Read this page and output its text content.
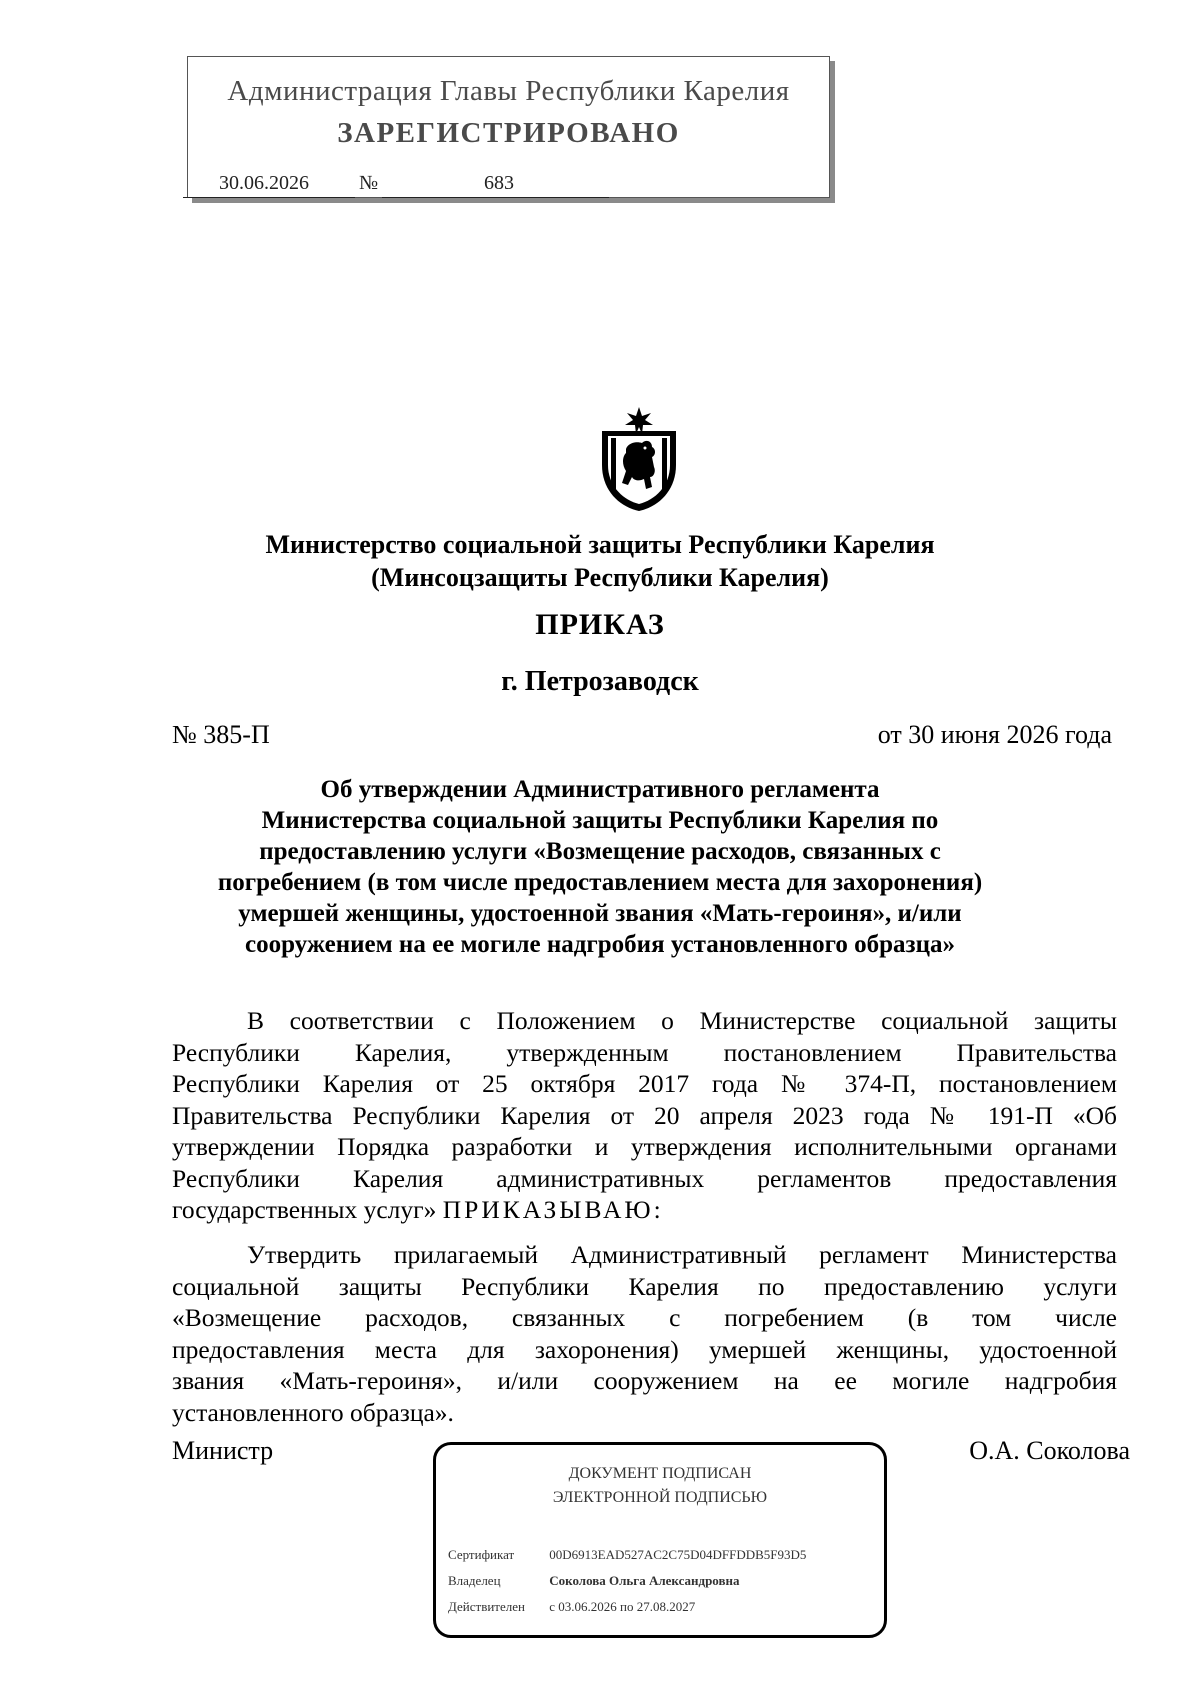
Администрация Главы Республики Карелия
ЗАРЕГИСТРИРОВАНО
30.06.2026	№	683
Министерство социальной защиты Республики Карелия
(Минсоцзащиты Республики Карелия)
ПРИКАЗ
г. Петрозаводск
№ 385-П	от 30 июня 2026 года
Об утверждении Административного регламента
Министерства социальной защиты Республики Карелия по
предоставлению услуги «Возмещение расходов, связанных с
погребением (в том числе предоставлением места для захоронения)
умершей женщины, удостоенной звания «Мать-героиня», и/или
сооружением на ее могиле надгробия установленного образца»
В соответствии с Положением о Министерстве социальной защиты
Республики Карелия, утвержденным постановлением Правительства
Республики Карелия от 25 октября 2017 года № 374-П, постановлением
Правительства Республики Карелия от 20 апреля 2023 года № 191-П «Об
утверждении Порядка разработки и утверждения исполнительными органами
Республики Карелия административных регламентов предоставления
государственных услуг» ПРИКАЗЫВАЮ:
Утвердить прилагаемый Административный регламент Министерства
социальной защиты Республики Карелия по предоставлению услуги
«Возмещение расходов, связанных с погребением (в том числе
предоставления места для захоронения) умершей женщины, удостоенной
звания «Мать-героиня», и/или сооружением на ее могиле надгробия
установленного образца».
Министр	О.А. Соколова
ДОКУМЕНТ ПОДПИСАН
ЭЛЕКТРОННОЙ ПОДПИСЬЮ
Сертификат	00D6913EAD527AC2C75D04DFFDDB5F93D5
Владелец	Соколова Ольга Александровна
Действителен с 03.06.2026 по 27.08.2027
